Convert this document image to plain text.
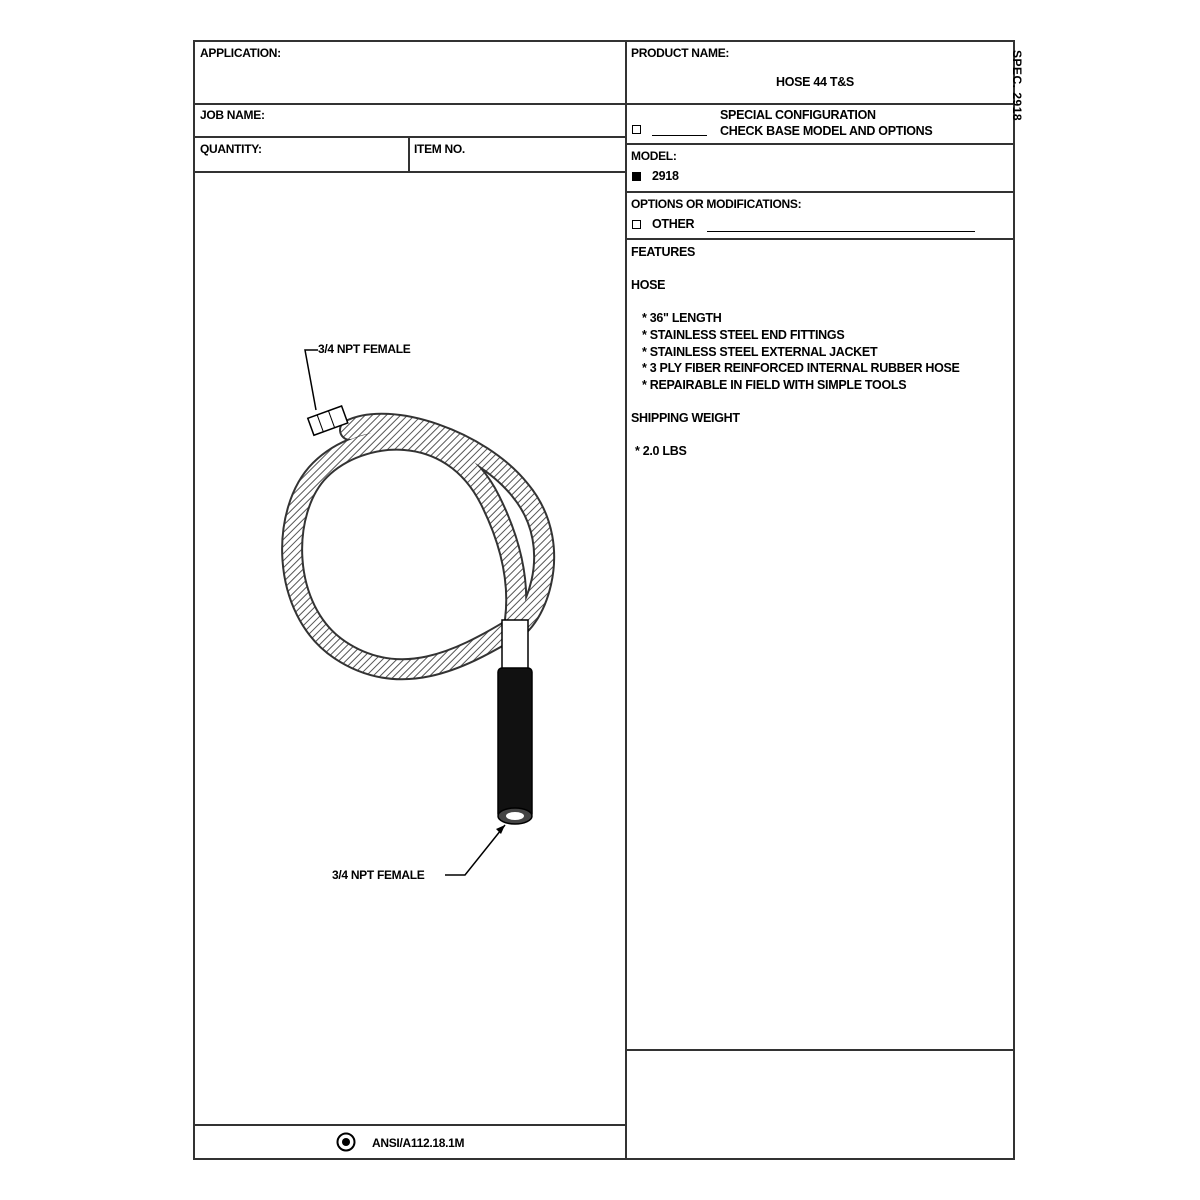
APPLICATION:
JOB NAME:
QUANTITY:	ITEM NO.
3/4 NPT FEMALE
3/4 NPT FEMALE
ANSI/A112.18.1M
PRODUCT NAME:
HOSE 44 T&S
SPECIAL CONFIGURATION
CHECK BASE MODEL AND OPTIONS
MODEL:
2918
OPTIONS OR MODIFICATIONS:
OTHER
FEATURES
HOSE
* 36" LENGTH
* STAINLESS STEEL END FITTINGS
* STAINLESS STEEL EXTERNAL JACKET
* 3 PLY FIBER REINFORCED INTERNAL RUBBER HOSE
* REPAIRABLE IN FIELD WITH SIMPLE TOOLS
SHIPPING WEIGHT
* 2.0 LBS
SPEC. 2918
